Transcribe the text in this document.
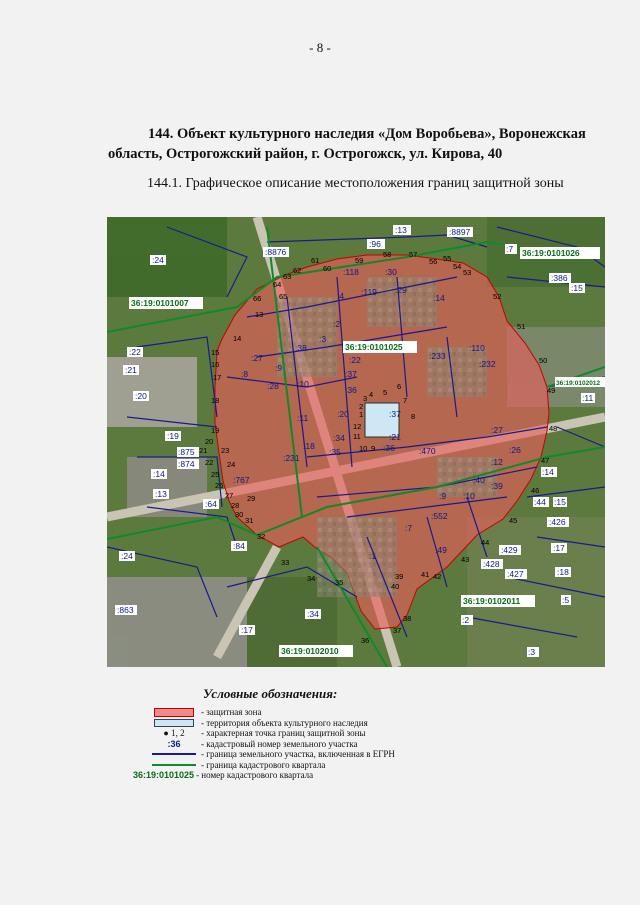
- 8 -
144. Объект культурного наследия «Дом Воробьева», Воронежская область, Острогожский район, г. Острогожск, ул. Кирова, 40
144.1. Графическое описание местоположения границ защитной зоны
36:19:0101007
36:19:0101025
36:19:0101026
36:19:0102012
36:19:0102011
36:19:0102010
:24
:8876
:96
:13	:8897
:7
:386
:15
:22
:21
:20
:19
:875
:874
:14
:13
:64
:84
:24
:863
:17
:34
:2
:3
:11
:426
:429
:428
:427
:17
:18
:5
:44 :15
:14
:27
:26
:12
:40
:39
:49
:7
:552
:10
:9
:1
:470
:36
:21
:37
:34
:35
:18
:231
:11	:20
:10
:28
:9
:8
:27
:38
:3
:2
:4
:36
:37
:22	:233
:110
:232
:119
:118	:30
:29
:14
:767
1
2
3 4 5
6
7
8
9
10
11
12
13
14
15
16
17
18
19
20
21
22
23
24
25
26
27
28
29
30
31
32
33
34	35
36
37
38
39
40
41 42
43
44
45
46
47
48
49
50
51
52
53
54
55
56
57
58
59
60
61
62
63
64
65
66
Условные обозначения:
- защитная зона
- территория объекта культурного наследия
● 1, 2	- характерная точка границ защитной зоны
:36	- кадастровый номер земельного участка
- граница земельного участка, включенная в ЕГРН
- граница кадастрового квартала
36:19:0101025 - номер кадастрового квартала
